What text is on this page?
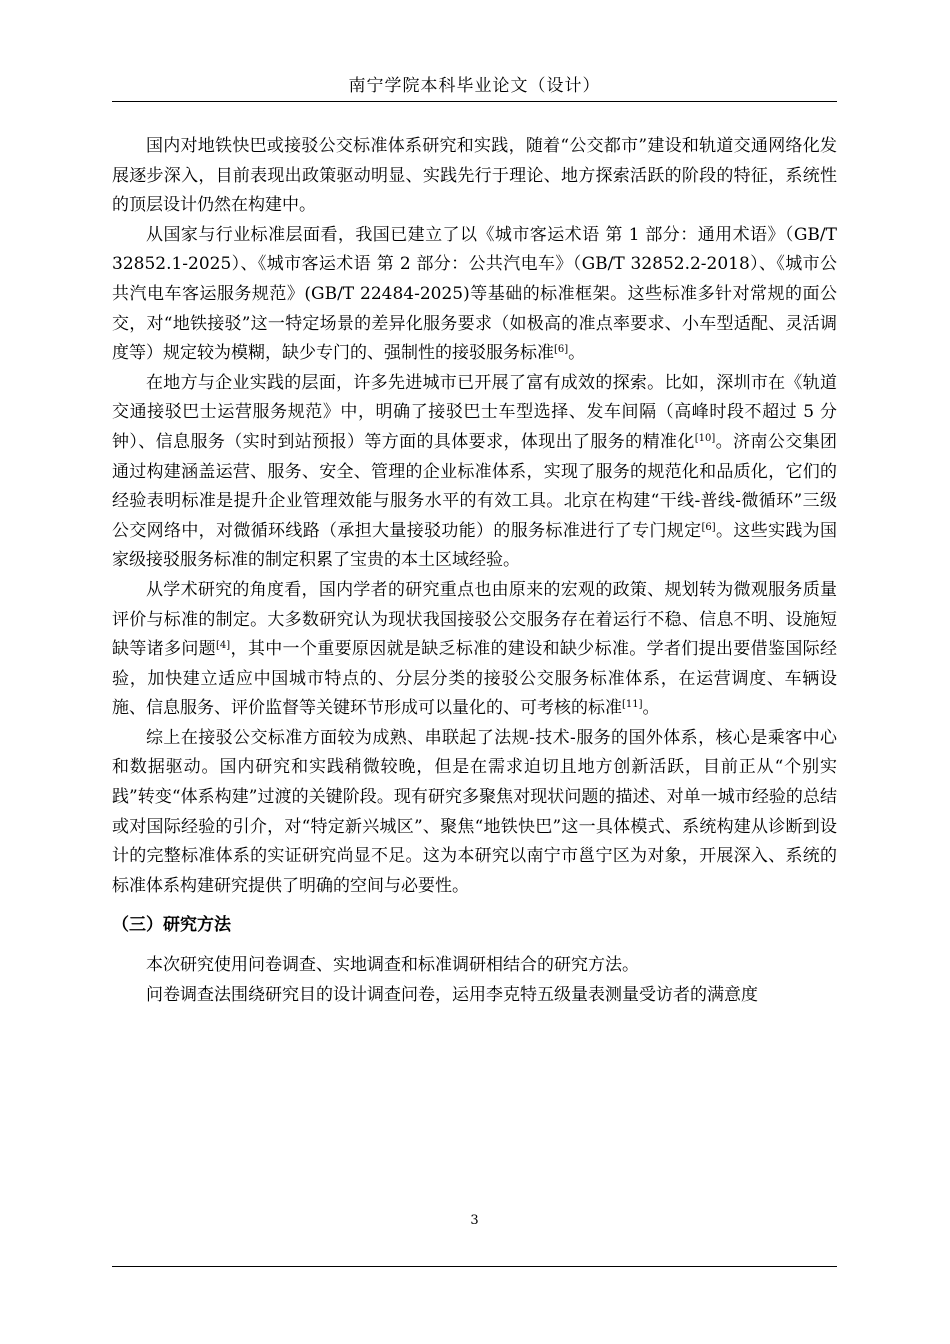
南宁学院本科毕业论文（设计）

国内对地铁快巴或接驳公交标准体系研究和实践，随着“公交都市”建设和轨道交通网络化发展逐步深入，目前表现出政策驱动明显、实践先行于理论、地方探索活跃的阶段的特征，系统性的顶层设计仍然在构建中。

从国家与行业标准层面看，我国已建立了以《城市客运术语 第 1 部分：通用术语》（GB/T 32852.1-2025）、《城市客运术语 第 2 部分：公共汽电车》（GB/T 32852.2-2018）、《城市公共汽电车客运服务规范》(GB/T 22484-2025)等基础的标准框架。这些标准多针对常规的面公交，对“地铁接驳”这一特定场景的差异化服务要求（如极高的准点率要求、小车型适配、灵活调度等）规定较为模糊，缺少专门的、强制性的接驳服务标准[6]。

在地方与企业实践的层面，许多先进城市已开展了富有成效的探索。比如，深圳市在《轨道交通接驳巴士运营服务规范》中，明确了接驳巴士车型选择、发车间隔（高峰时段不超过 5 分钟）、信息服务（实时到站预报）等方面的具体要求，体现出了服务的精准化[10]。济南公交集团通过构建涵盖运营、服务、安全、管理的企业标准体系，实现了服务的规范化和品质化，它们的经验表明标准是提升企业管理效能与服务水平的有效工具。北京在构建“干线-普线-微循环”三级公交网络中，对微循环线路（承担大量接驳功能）的服务标准进行了专门规定[6]。这些实践为国家级接驳服务标准的制定积累了宝贵的本土区域经验。

从学术研究的角度看，国内学者的研究重点也由原来的宏观的政策、规划转为微观服务质量评价与标准的制定。大多数研究认为现状我国接驳公交服务存在着运行不稳、信息不明、设施短缺等诸多问题[4]，其中一个重要原因就是缺乏标准的建设和缺少标准。学者们提出要借鉴国际经验，加快建立适应中国城市特点的、分层分类的接驳公交服务标准体系，在运营调度、车辆设施、信息服务、评价监督等关键环节形成可以量化的、可考核的标准[11]。

综上在接驳公交标准方面较为成熟、串联起了法规-技术-服务的国外体系，核心是乘客中心和数据驱动。国内研究和实践稍微较晚，但是在需求迫切且地方创新活跃，目前正从“个别实践”转变“体系构建”过渡的关键阶段。现有研究多聚焦对现状问题的描述、对单一城市经验的总结或对国际经验的引介，对“特定新兴城区”、聚焦“地铁快巴”这一具体模式、系统构建从诊断到设计的完整标准体系的实证研究尚显不足。这为本研究以南宁市邕宁区为对象，开展深入、系统的标准体系构建研究提供了明确的空间与必要性。

（三）研究方法

本次研究使用问卷调查、实地调查和标准调研相结合的研究方法。

问卷调查法围绕研究目的设计调查问卷，运用李克特五级量表测量受访者的满意度

3
